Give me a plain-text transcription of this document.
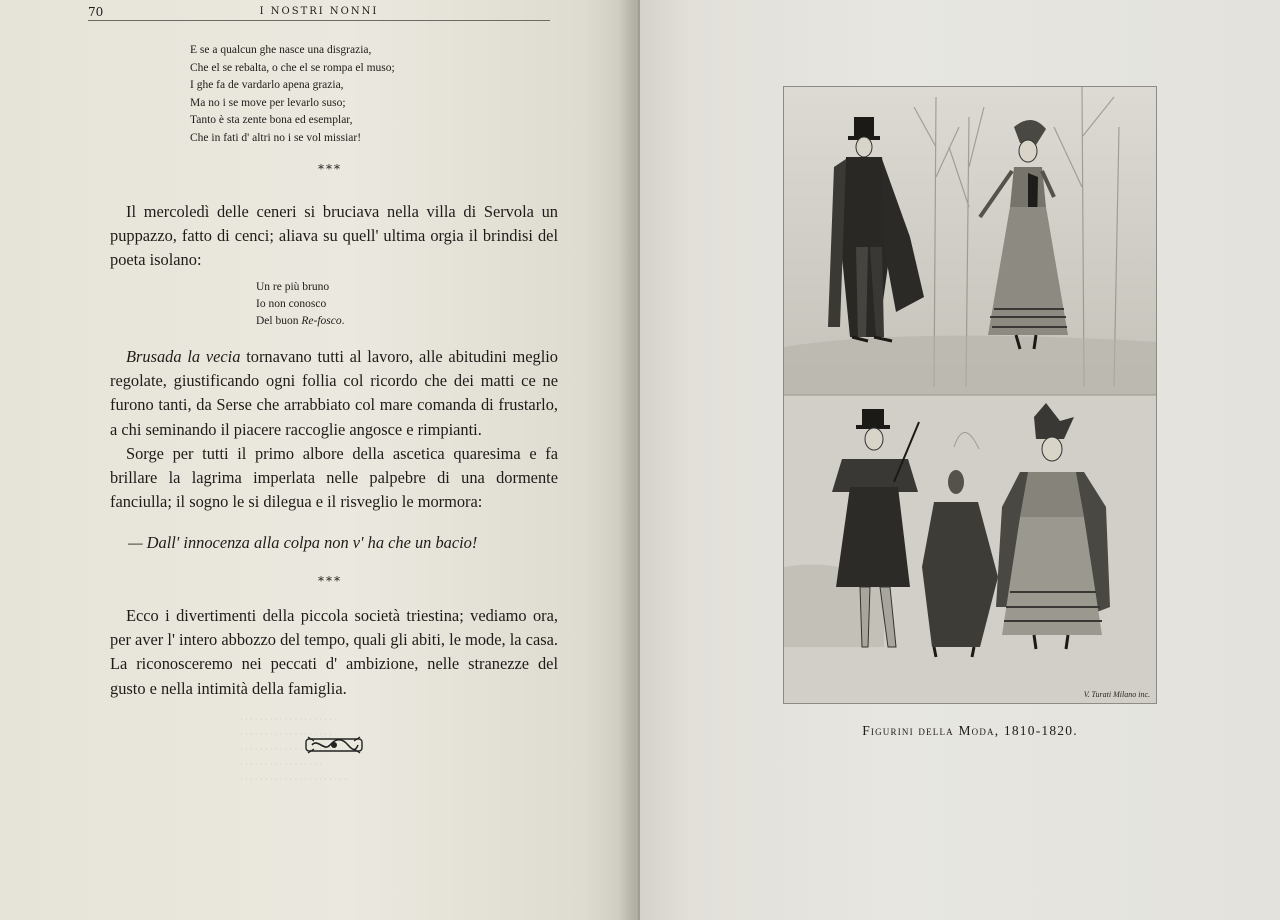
70	I NOSTRI NONNI
E se a qualcun ghe nasce una disgrazia,
Che el se rebalta, o che el se rompa el muso;
I ghe fa de vardarlo apena grazia,
Ma no i se move per levarlo suso;
Tanto è sta zente bona ed esemplar,
Che in fati d' altri no i se vol missiar!
***

Il mercoledì delle ceneri si bruciava nella villa di Servola un puppazzo, fatto di cenci; aliava su quell' ultima orgia il brindisi del poeta isolano:

Un re più bruno
Io non conosco
Del buon Re-fosco.

Brusada la vecia tornavano tutti al lavoro, alle abitudini meglio regolate, giustificando ogni follia col ricordo che dei matti ce ne furono tanti, da Serse che arrabbiato col mare comanda di frustarlo, a chi seminando il piacere raccoglie angosce e rimpianti.

Sorge per tutti il primo albore della ascetica quaresima e fa brillare la lagrima imperlata nelle palpebre di una dormente fanciulla; il sogno le si dilegua e il risveglio le mormora:

— Dall' innocenza alla colpa non v' ha che un bacio!
***

Ecco i divertimenti della piccola società triestina; vediamo ora, per aver l' intero abbozzo del tempo, quali gli abiti, le mode, la casa. La riconosceremo nei peccati d' ambizione, nelle stranezze del gusto e nella intimità della famiglia.

· · · · · · · · · · · · · · · · · · · ·
· · · · · · · · · · · · · · · · · · ·
· · · · · · · · · · · · · · · · · · · ·
· · · · · · · · · · · · · · · · ·
· · · · · · · · · · · · · · · · · · · · · ·
V. Turati Milano inc.
Figurini della Moda, 1810-1820.
